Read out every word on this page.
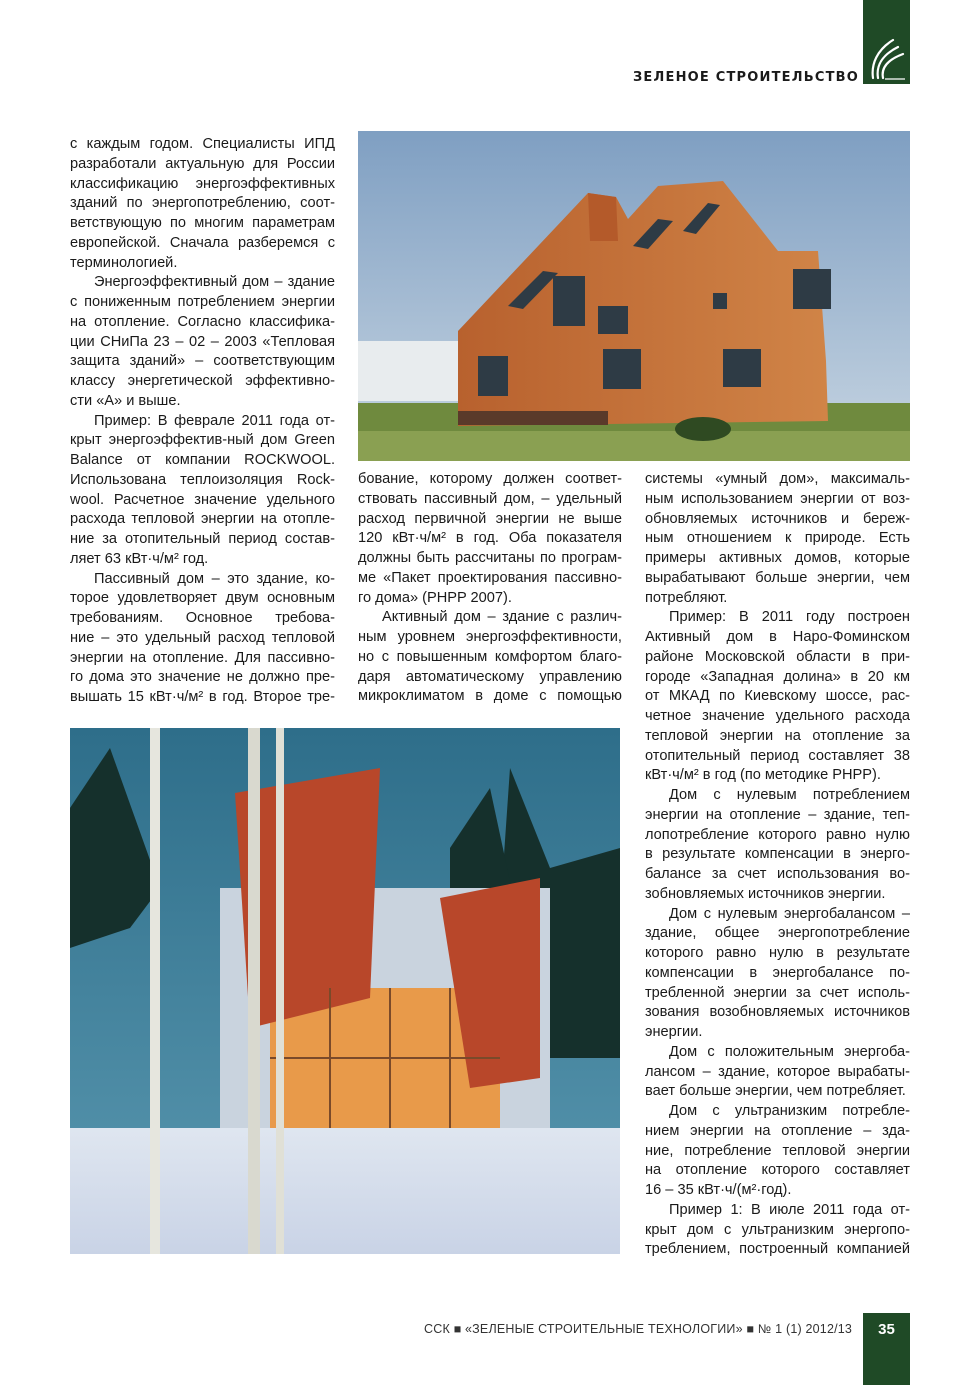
ЗЕЛЕНОЕ СТРОИТЕЛЬСТВО
с каждым годом. Специалисты ИПД
разработали актуальную для России
классификацию энергоэффективных
зданий по энергопотреблению, соот-
ветствующую по многим параметрам
европейской. Сначала разберемся с
терминологией.
Энергоэффективный дом – здание
с пониженным потреблением энергии
на отопление. Согласно классифика-
ции СНиПа 23 – 02 – 2003 «Тепловая
защита зданий» – соответствующим
классу энергетической эффективно-
сти «А» и выше.
Пример: В феврале 2011 года от-
крыт энергоэффектив-ный дом Green
Balance от компании ROCKWOOL.
Использована теплоизоляция Rock-
wool. Расчетное значение удельного
расхода тепловой энергии на отопле-
ние за отопительный период состав-
ляет 63 кВт·ч/м² год.
Пассивный дом – это здание, ко-
торое удовлетворяет двум основным
требованиям. Основное требова-
ние – это удельный расход тепловой
энергии на отопление. Для пассивно-
го дома это значение не должно пре-
вышать 15 кВт·ч/м² в год. Второе тре-
бование, которому должен соответ-
ствовать пассивный дом, – удельный
расход первичной энергии не выше
120 кВт·ч/м² в год. Оба показателя
должны быть рассчитаны по програм-
ме «Пакет проектирования пассивно-
го дома» (PHPP 2007).
Активный дом – здание с различ-
ным уровнем энергоэффективности,
но с повышенным комфортом благо-
даря автоматическому управлению
микроклиматом в доме с помощью
системы «умный дом», максималь-
ным использованием энергии от воз-
обновляемых источников и береж-
ным отношением к природе. Есть
примеры активных домов, которые
вырабатывают больше энергии, чем
потребляют.
Пример: В 2011 году построен
Активный дом в Наро-Фоминском
районе Московской области в при-
городе «Западная долина» в 20 км
от МКАД по Киевскому шоссе, рас-
четное значение удельного расхода
тепловой энергии на отопление за
отопительный период составляет 38
кВт·ч/м² в год (по методике PHPP).
Дом с нулевым потреблением
энергии на отопление – здание, теп-
лопотребление которого равно нулю
в результате компенсации в энерго-
балансе за счет использования во-
зобновляемых источников энергии.
Дом с нулевым энергобалансом –
здание, общее энергопотребление
которого равно нулю в результате
компенсации в энергобалансе по-
требленной энергии за счет исполь-
зования возобновляемых источников
энергии.
Дом с положительным энергоба-
лансом – здание, которое вырабаты-
вает больше энергии, чем потребляет.
Дом с ультранизким потребле-
нием энергии на отопление – зда-
ние, потребление тепловой энергии
на отопление которого составляет
16 – 35 кВт·ч/(м²·год).
Пример 1: В июле 2011 года от-
крыт дом с ультранизким энергопо-
треблением, построенный компанией
ССК ■ «ЗЕЛЕНЫЕ СТРОИТЕЛЬНЫЕ ТЕХНОЛОГИИ» ■ № 1 (1) 2012/13	35
